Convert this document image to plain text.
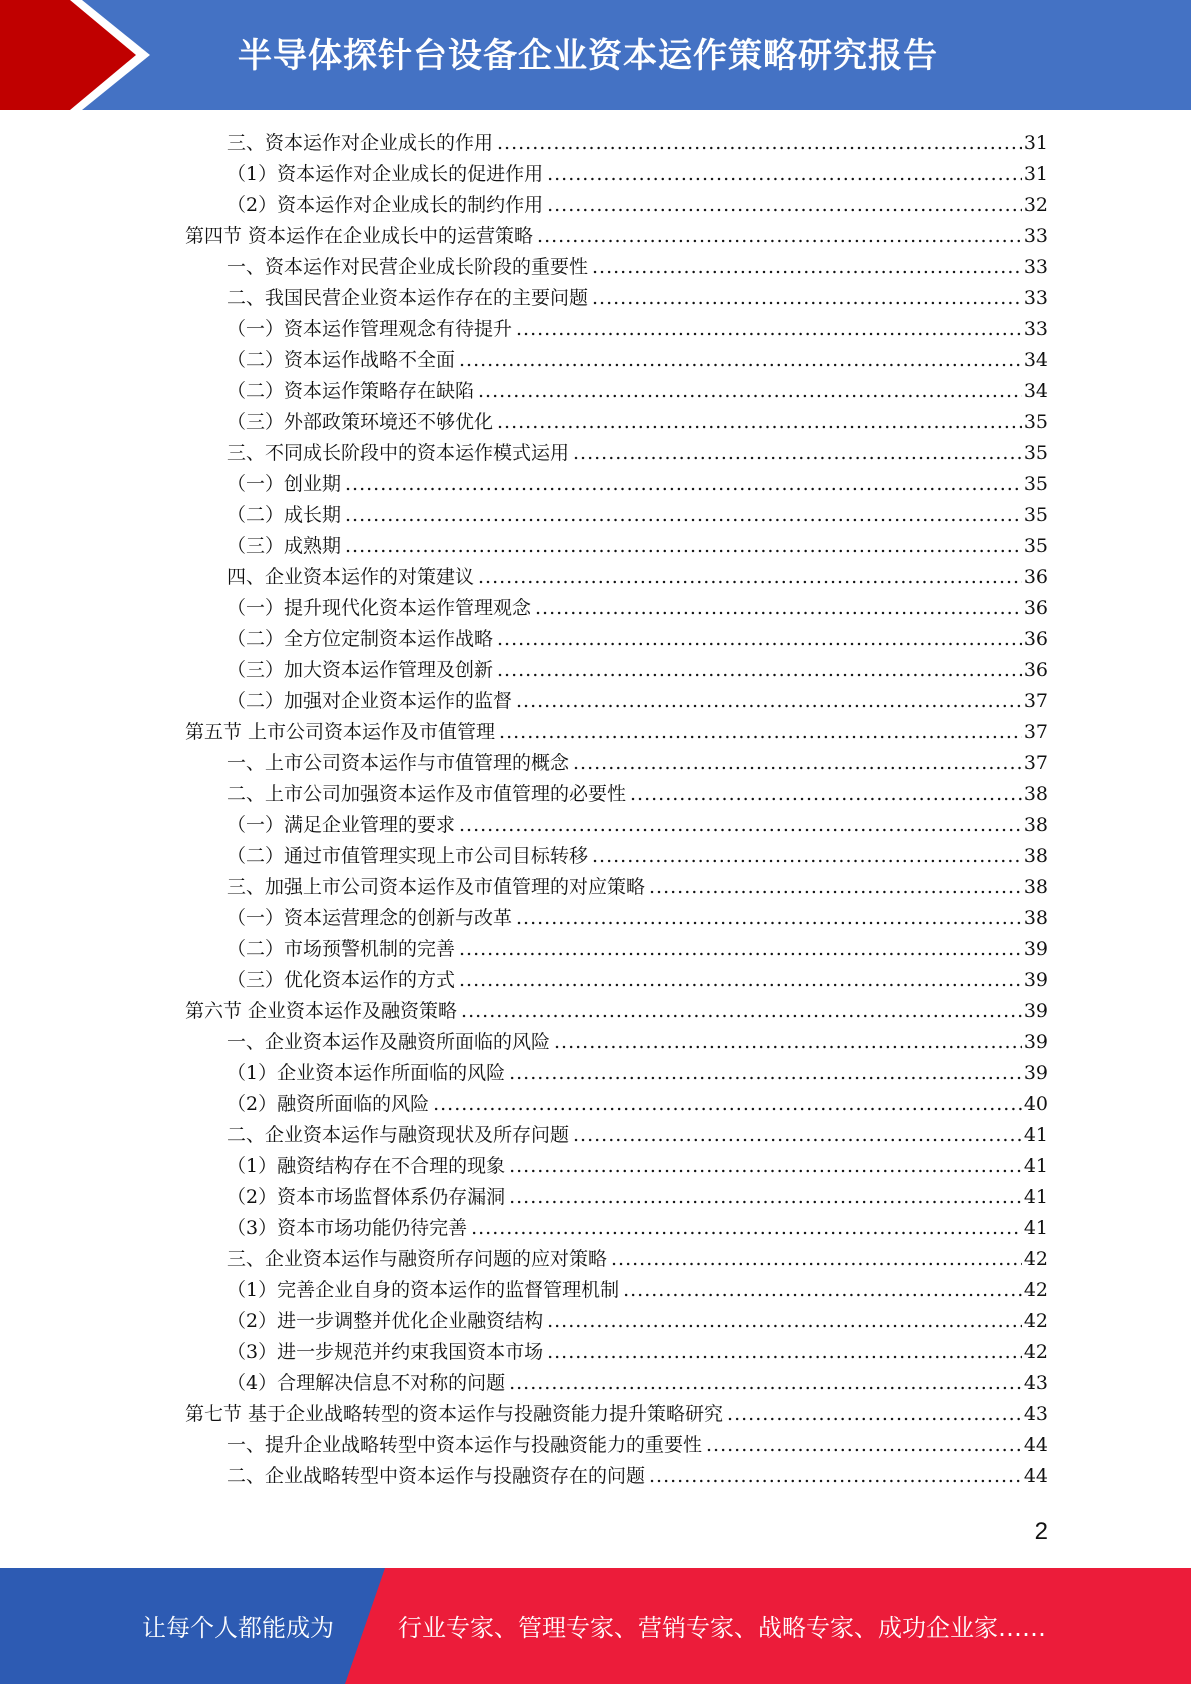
半导体探针台设备企业资本运作策略研究报告
三、资本运作对企业成长的作用 .....	31
（1）资本运作对企业成长的促进作用 .....	31
（2）资本运作对企业成长的制约作用 .....	32
第四节 资本运作在企业成长中的运营策略 .....	33
一、资本运作对民营企业成长阶段的重要性 .....	33
二、我国民营企业资本运作存在的主要问题 .....	33
（一）资本运作管理观念有待提升 .....	33
（二）资本运作战略不全面 .....	34
（二）资本运作策略存在缺陷 .....	34
（三）外部政策环境还不够优化 .....	35
三、不同成长阶段中的资本运作模式运用 .....	35
（一）创业期 .....	35
（二）成长期 .....	35
（三）成熟期 .....	35
四、企业资本运作的对策建议 .....	36
（一）提升现代化资本运作管理观念 .....	36
（二）全方位定制资本运作战略 .....	36
（三）加大资本运作管理及创新 .....	36
（二）加强对企业资本运作的监督 .....	37
第五节 上市公司资本运作及市值管理 .....	37
一、上市公司资本运作与市值管理的概念 .....	37
二、上市公司加强资本运作及市值管理的必要性 .....	38
（一）满足企业管理的要求 .....	38
（二）通过市值管理实现上市公司目标转移 .....	38
三、加强上市公司资本运作及市值管理的对应策略 .....	38
（一）资本运营理念的创新与改革 .....	38
（二）市场预警机制的完善 .....	39
（三）优化资本运作的方式 .....	39
第六节 企业资本运作及融资策略 .....	39
一、企业资本运作及融资所面临的风险 .....	39
（1）企业资本运作所面临的风险 .....	39
（2）融资所面临的风险 .....	40
二、企业资本运作与融资现状及所存问题 .....	41
（1）融资结构存在不合理的现象 .....	41
（2）资本市场监督体系仍存漏洞 .....	41
（3）资本市场功能仍待完善 .....	41
三、企业资本运作与融资所存问题的应对策略 .....	42
（1）完善企业自身的资本运作的监督管理机制 .....	42
（2）进一步调整并优化企业融资结构 .....	42
（3）进一步规范并约束我国资本市场 .....	42
（4）合理解决信息不对称的问题 .....	43
第七节 基于企业战略转型的资本运作与投融资能力提升策略研究 .....	43
一、提升企业战略转型中资本运作与投融资能力的重要性 .....	44
二、企业战略转型中资本运作与投融资存在的问题 .....	44
2
让每个人都能成为	行业专家、管理专家、营销专家、战略专家、成功企业家……
